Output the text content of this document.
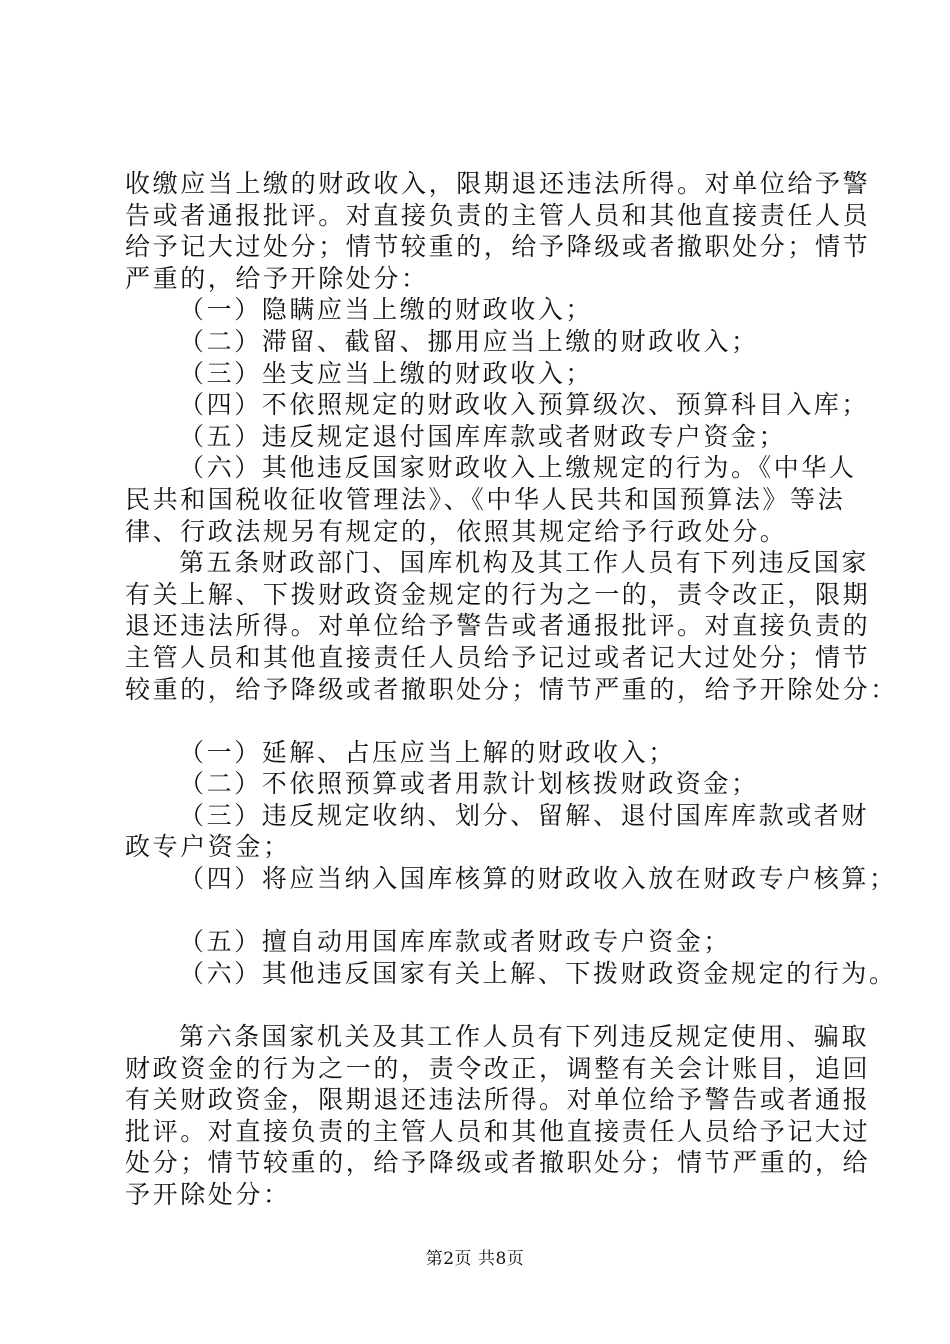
收缴应当上缴的财政收入，限期退还违法所得。对单位给予警
告或者通报批评。对直接负责的主管人员和其他直接责任人员
给予记大过处分；情节较重的，给予降级或者撤职处分；情节
严重的，给予开除处分：
（一）隐瞒应当上缴的财政收入；
（二）滞留、截留、挪用应当上缴的财政收入；
（三）坐支应当上缴的财政收入；
（四）不依照规定的财政收入预算级次、预算科目入库；
（五）违反规定退付国库库款或者财政专户资金；
（六）其他违反国家财政收入上缴规定的行为。《中华人
民共和国税收征收管理法》、《中华人民共和国预算法》等法
律、行政法规另有规定的，依照其规定给予行政处分。
第五条财政部门、国库机构及其工作人员有下列违反国家
有关上解、下拨财政资金规定的行为之一的，责令改正，限期
退还违法所得。对单位给予警告或者通报批评。对直接负责的
主管人员和其他直接责任人员给予记过或者记大过处分；情节
较重的，给予降级或者撤职处分；情节严重的，给予开除处分：
（一）延解、占压应当上解的财政收入；
（二）不依照预算或者用款计划核拨财政资金；
（三）违反规定收纳、划分、留解、退付国库库款或者财
政专户资金；
（四）将应当纳入国库核算的财政收入放在财政专户核算；
（五）擅自动用国库库款或者财政专户资金；
（六）其他违反国家有关上解、下拨财政资金规定的行为。
第六条国家机关及其工作人员有下列违反规定使用、骗取
财政资金的行为之一的，责令改正，调整有关会计账目，追回
有关财政资金，限期退还违法所得。对单位给予警告或者通报
批评。对直接负责的主管人员和其他直接责任人员给予记大过
处分；情节较重的，给予降级或者撤职处分；情节严重的，给
予开除处分：
第2页 共8页
